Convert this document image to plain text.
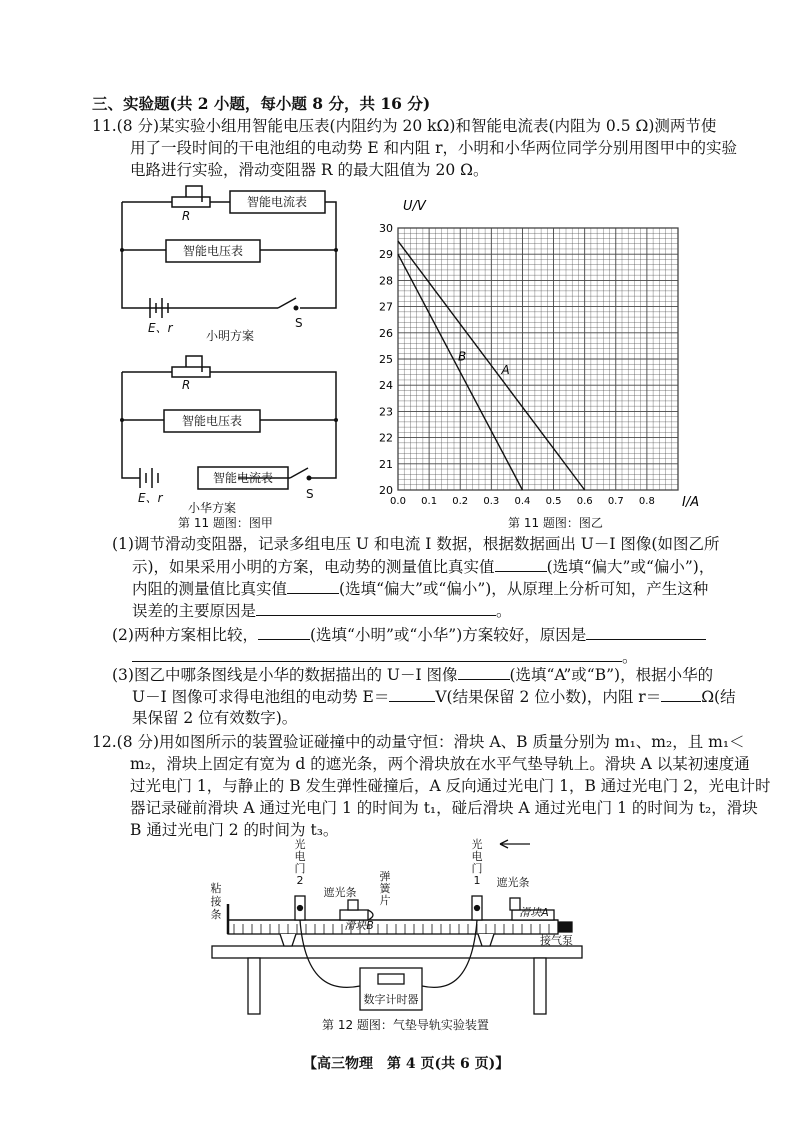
三、实验题(共 2 小题，每小题 8 分，共 16 分)
11.(8 分)某实验小组用智能电压表(内阻约为 20 kΩ)和智能电流表(内阻为 0.5 Ω)测两节使
用了一段时间的干电池组的电动势 E 和内阻 r，小明和小华两位同学分别用图甲中的实验
电路进行实验，滑动变阻器 R 的最大阻值为 20 Ω。
智能电流表
智能电压表
R
E、r	S
小明方案
智能电压表
智能电流表
R
E、r	S
小华方案
第 11 题图：图甲
0.0 0.1 0.2 0.3 0.4 0.5 0.6 0.7 0.8
20
21
22
23
24
25
26
27
28
29
30
A
B
U/V
I/A
第 11 题图：图乙
(1)调节滑动变阻器，记录多组电压 U 和电流 I 数据，根据数据画出 U－I 图像(如图乙所
示)，如果采用小明的方案，电动势的测量值比真实值	(选填“偏大”或“偏小”)，
内阻的测量值比真实值	(选填“偏大”或“偏小”)，从原理上分析可知，产生这种
误差的主要原因是	。
(2)两种方案相比较，	(选填“小明”或“小华”)方案较好，原因是
。
(3)图乙中哪条图线是小华的数据描出的 U－I 图像	(选填“A”或“B”)，根据小华的
U－I 图像可求得电池组的电动势 E＝	V(结果保留 2 位小数)，内阻 r＝	Ω(结
果保留 2 位有效数字)。
12.(8 分)用如图所示的装置验证碰撞中的动量守恒：滑块 A、B 质量分别为 m₁、m₂，且 m₁＜
m₂，滑块上固定有宽为 d 的遮光条，两个滑块放在水平气垫导轨上。滑块 A 以某初速度通
过光电门 1，与静止的 B 发生弹性碰撞后，A 反向通过光电门 1，B 通过光电门 2，光电计时
器记录碰前滑块 A 通过光电门 1 的时间为 t₁，碰后滑块 A 通过光电门 1 的时间为 t₂，滑块
B 通过光电门 2 的时间为 t₃。
光
电
门
2
光
电
门
1
粘
接
条
弹
簧
片
遮光条
遮光条
滑块B
滑块A
接气泵
数字计时器
第 12 题图：气垫导轨实验装置
【高三物理　第 4 页(共 6 页)】
